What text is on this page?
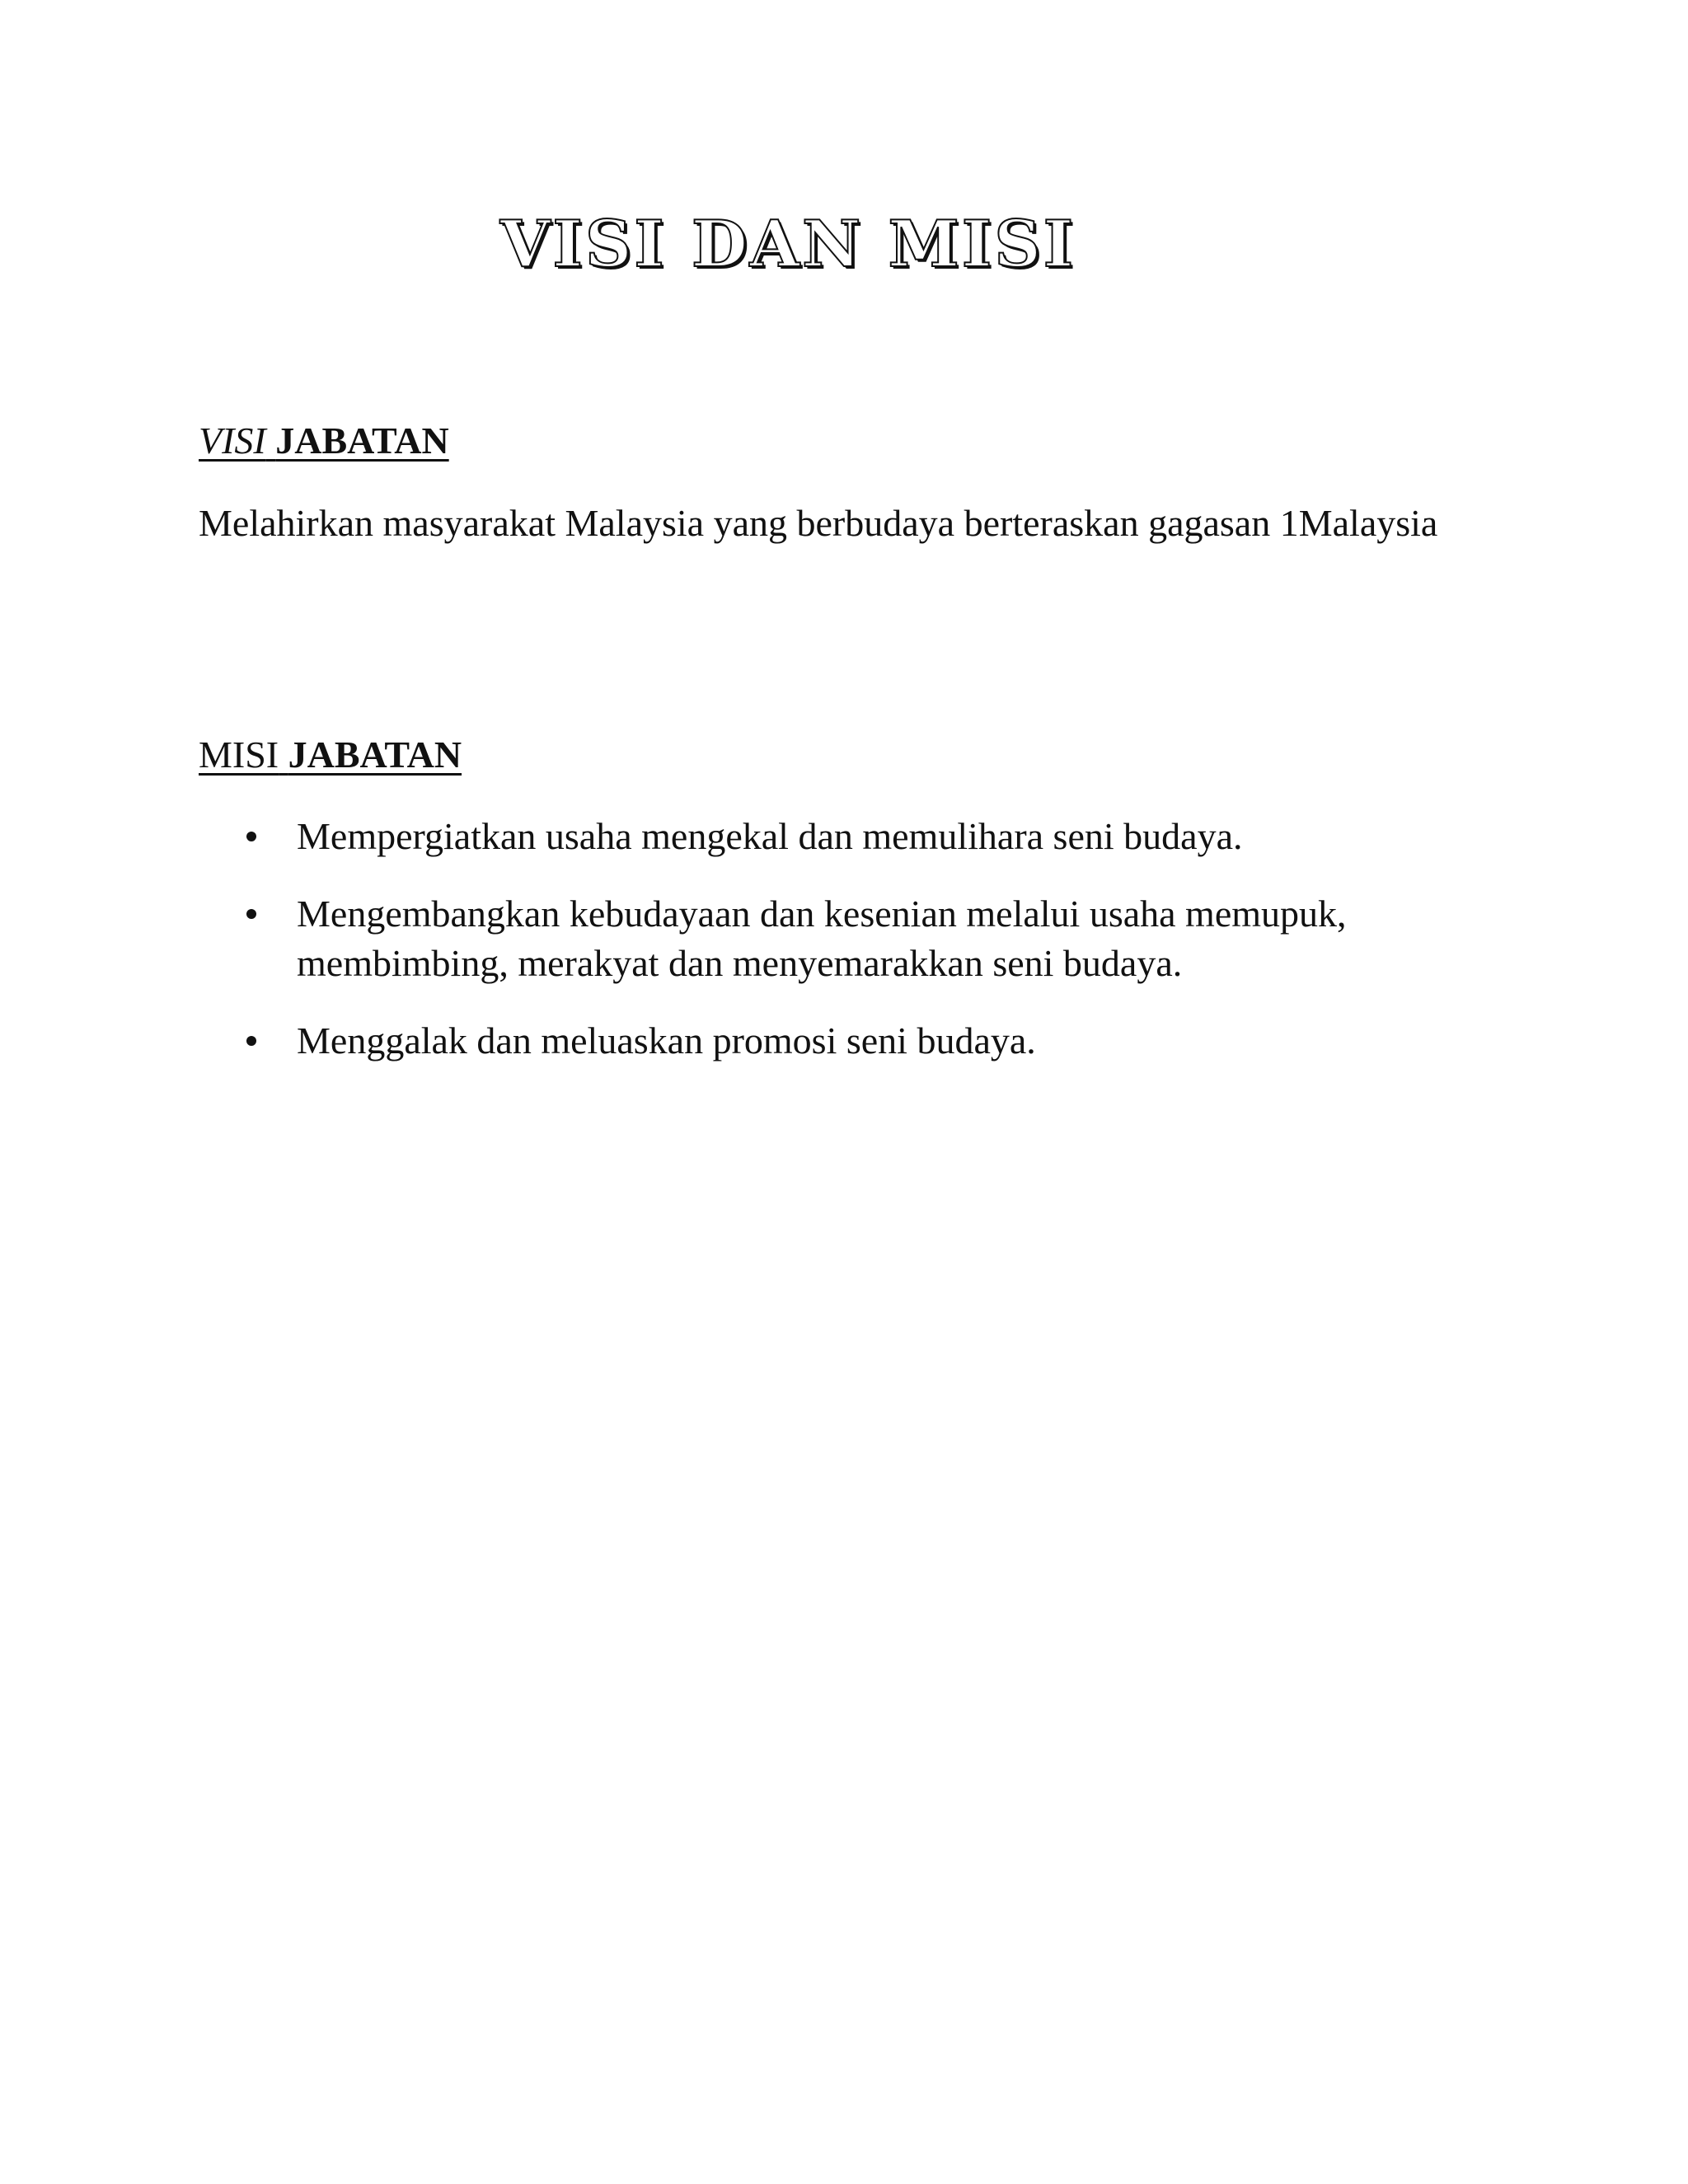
VISI DAN MISI
VISI JABATAN
Melahirkan masyarakat Malaysia yang berbudaya berteraskan gagasan 1Malaysia
MISI JABATAN
Mempergiatkan usaha mengekal dan memulihara seni budaya.
Mengembangkan kebudayaan dan kesenian melalui usaha memupuk, membimbing, merakyat dan menyemarakkan seni budaya.
Menggalak dan meluaskan promosi seni budaya.
